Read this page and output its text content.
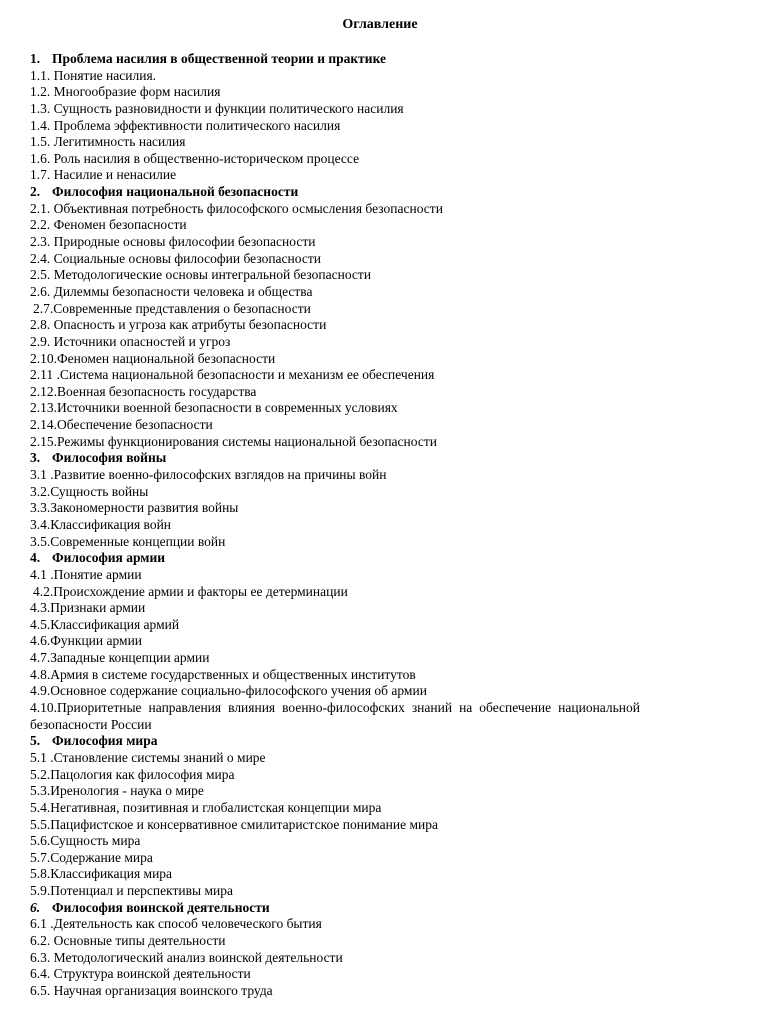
Оглавление
1. Проблема насилия в общественной теории и практике
1.1. Понятие насилия.
1.2. Многообразие форм насилия
1.3. Сущность разновидности и функции политического насилия
1.4. Проблема эффективности политического насилия
1.5. Легитимность насилия
1.6. Роль насилия в общественно-историческом процессе
1.7. Насилие и ненасилие
2. Философия национальной безопасности
2.1. Объективная потребность философского осмысления безопасности
2.2. Феномен безопасности
2.3. Природные основы философии безопасности
2.4. Социальные основы философии безопасности
2.5. Методологические основы интегральной безопасности
2.6. Дилеммы безопасности человека и общества
2.7.Современные представления о безопасности
2.8. Опасность и угроза как атрибуты безопасности
2.9. Источники опасностей и угроз
2.10.Феномен национальной безопасности
2.11 .Система национальной безопасности и механизм ее обеспечения
2.12.Военная безопасность государства
2.13.Источники военной безопасности в современных условиях
2.14.Обеспечение безопасности
2.15.Режимы функционирования системы национальной безопасности
3. Философия войны
3.1 .Развитие военно-философских взглядов на причины войн
3.2.Сущность войны
3.3.Закономерности развития войны
3.4.Классификация войн
3.5.Современные концепции войн
4. Философия армии
4.1 .Понятие армии
4.2.Происхождение армии и факторы ее детерминации
4.3.Признаки армии
4.5.Классификация армий
4.6.Функции армии
4.7.Западные концепции армии
4.8.Армия в системе государственных и общественных институтов
4.9.Основное содержание социально-философского учения об армии
4.10.Приоритетные направления влияния военно-философских знаний на обеспечение национальной безопасности России
5. Философия мира
5.1 .Становление системы знаний о мире
5.2.Пацология как философия мира
5.3.Иренология - наука о мире
5.4.Негативная, позитивная и глобалистская концепции мира
5.5.Пацифистское и консервативное смилитаристское понимание мира
5.6.Сущность мира
5.7.Содержание мира
5.8.Классификация мира
5.9.Потенциал и перспективы мира
6. Философия воинской деятельности
6.1 .Деятельность как способ человеческого бытия
6.2. Основные типы деятельности
6.3. Методологический анализ воинской деятельности
6.4. Структура воинской деятельности
6.5. Научная организация воинского труда
